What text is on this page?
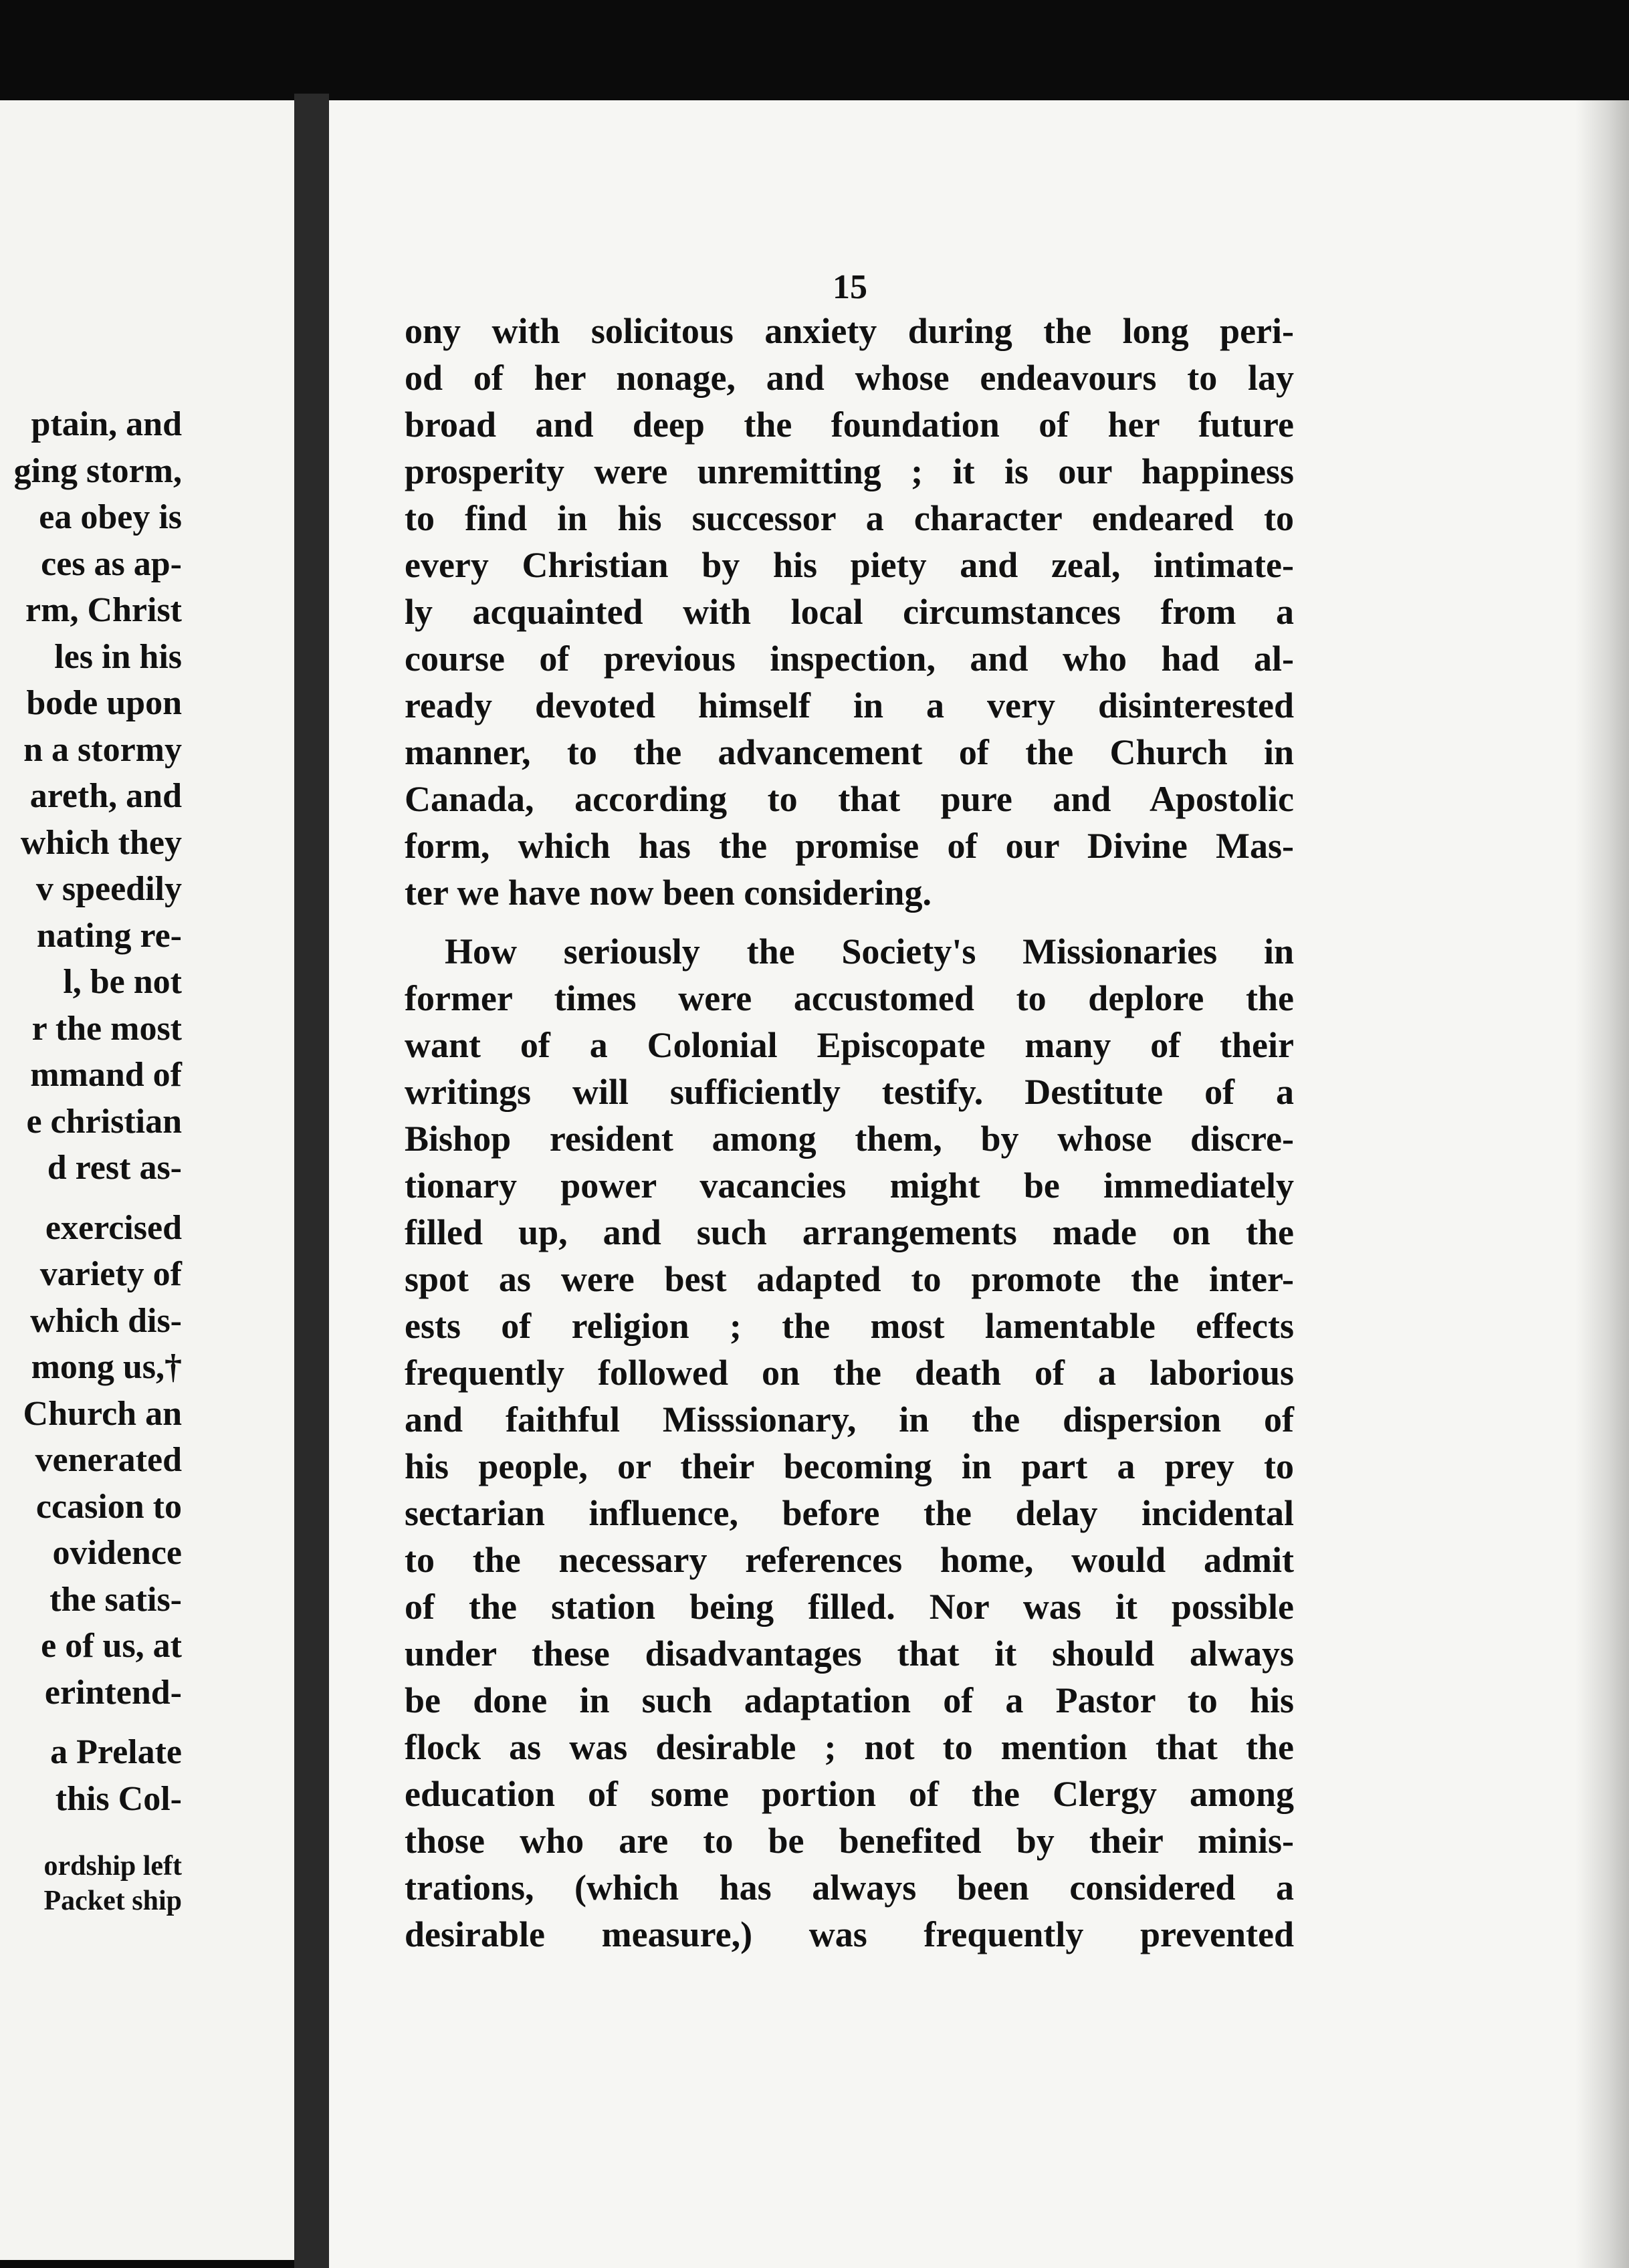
ptain, and
ging storm,
ea obey is
ces as ap-
rm, Christ
les in his
bode upon
n a stormy
areth, and
which they
v speedily
nating re-
l, be not
r the most
mmand of
e christian
d rest as-
exercised
variety of
which dis-
mong us,†
Church an
venerated
ccasion to
ovidence
the satis-
e of us, at
erintend-
a Prelate
this Col-
ordship left
Packet ship
15
ony with solicitous anxiety during the long peri-
od of her nonage, and whose endeavours to lay
broad and deep the foundation of her future
prosperity were unremitting ; it is our happiness
to find in his successor a character endeared to
every Christian by his piety and zeal, intimate-
ly acquainted with local circumstances from a
course of previous inspection, and who had al-
ready devoted himself in a very disinterested
manner, to the advancement of the Church in
Canada, according to that pure and Apostolic
form, which has the promise of our Divine Mas-
ter we have now been considering.
How seriously the Society's Missionaries in
former times were accustomed to deplore the
want of a Colonial Episcopate many of their
writings will sufficiently testify. Destitute of a
Bishop resident among them, by whose discre-
tionary power vacancies might be immediately
filled up, and such arrangements made on the
spot as were best adapted to promote the inter-
ests of religion ; the most lamentable effects
frequently followed on the death of a laborious
and faithful Misssionary, in the dispersion of
his people, or their becoming in part a prey to
sectarian influence, before the delay incidental
to the necessary references home, would admit
of the station being filled. Nor was it possible
under these disadvantages that it should always
be done in such adaptation of a Pastor to his
flock as was desirable ; not to mention that the
education of some portion of the Clergy among
those who are to be benefited by their minis-
trations, (which has always been considered a
desirable measure,) was frequently prevented
